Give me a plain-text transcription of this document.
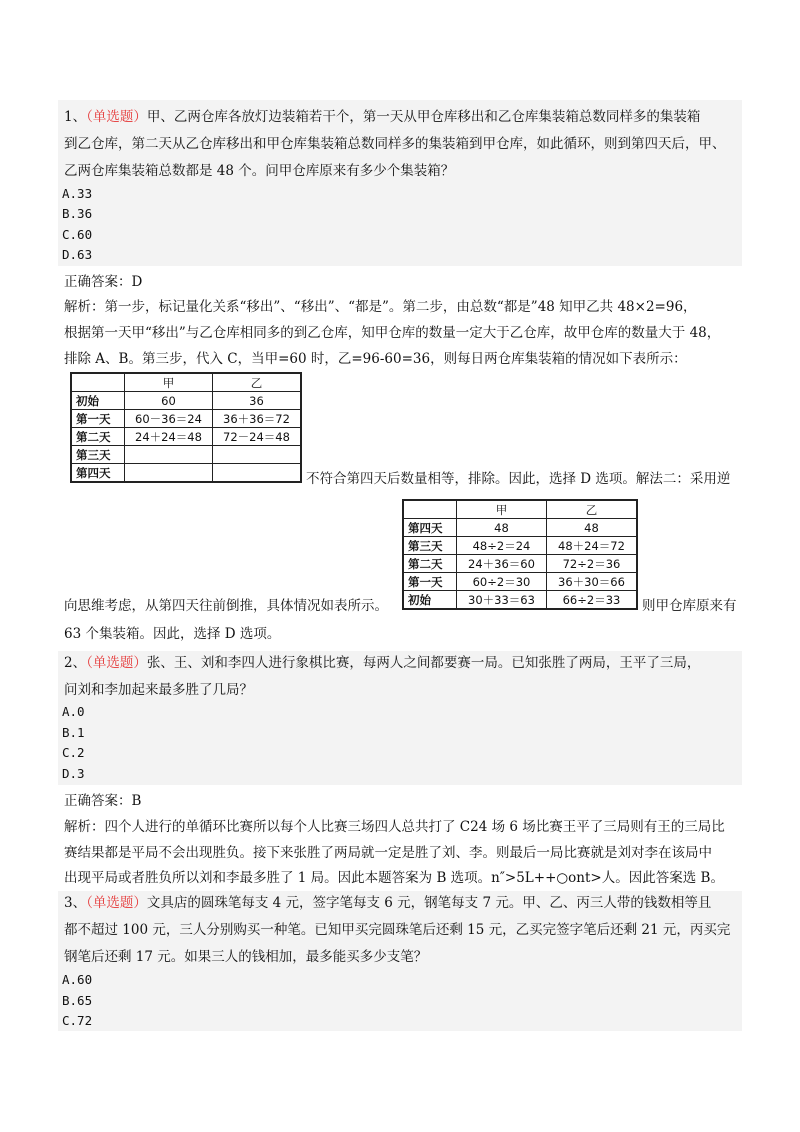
1、（单选题）甲、乙两仓库各放灯边装箱若干个，第一天从甲仓库移出和乙仓库集装箱总数同样多的集装箱
到乙仓库，第二天从乙仓库移出和甲仓库集装箱总数同样多的集装箱到甲仓库，如此循环，则到第四天后，甲、
乙两仓库集装箱总数都是 48 个。问甲仓库原来有多少个集装箱？
A.33
B.36
C.60
D.63
正确答案：D
解析：第一步，标记量化关系“移出”、“移出”、“都是”。第二步，由总数“都是”48 知甲乙共 48×2=96，
根据第一天甲“移出”与乙仓库相同多的到乙仓库，知甲仓库的数量一定大于乙仓库，故甲仓库的数量大于 48，
排除 A、B。第三步，代入 C，当甲=60 时，乙=96-60=36，则每日两仓库集装箱的情况如下表所示：
	甲	乙
初始	60	36
第一天	60－36＝24	36＋36＝72
第二天	24＋24＝48	72－24＝48
第三天		
第四天			不符合第四天后数量相等，排除。因此，选择 D 选项。解法二：采用逆
	甲	乙
第四天	48	48
第三天	48÷2＝24	48＋24＝72
第二天	24＋36＝60	72÷2＝36
第一天	60÷2＝30	36＋30＝66
初始	30＋33＝63	66÷2＝33
向思维考虑，从第四天往前倒推，具体情况如表所示。	则甲仓库原来有
63 个集装箱。因此，选择 D 选项。
2、（单选题）张、王、刘和李四人进行象棋比赛，每两人之间都要赛一局。已知张胜了两局，王平了三局，
问刘和李加起来最多胜了几局？
A.0
B.1
C.2
D.3
正确答案：B
解析：四个人进行的单循环比赛所以每个人比赛三场四人总共打了 C24 场 6 场比赛王平了三局则有王的三局比
赛结果都是平局不会出现胜负。接下来张胜了两局就一定是胜了刘、李。则最后一局比赛就是刘对李在该局中
出现平局或者胜负所以刘和李最多胜了 1 局。因此本题答案为 B 选项。n″>5L++○ont>人。因此答案选 B。
3、（单选题）文具店的圆珠笔每支 4 元，签字笔每支 6 元，钢笔每支 7 元。甲、乙、丙三人带的钱数相等且
都不超过 100 元，三人分别购买一种笔。已知甲买完圆珠笔后还剩 15 元，乙买完签字笔后还剩 21 元，丙买完
钢笔后还剩 17 元。如果三人的钱相加，最多能买多少支笔？
A.60
B.65
C.72
